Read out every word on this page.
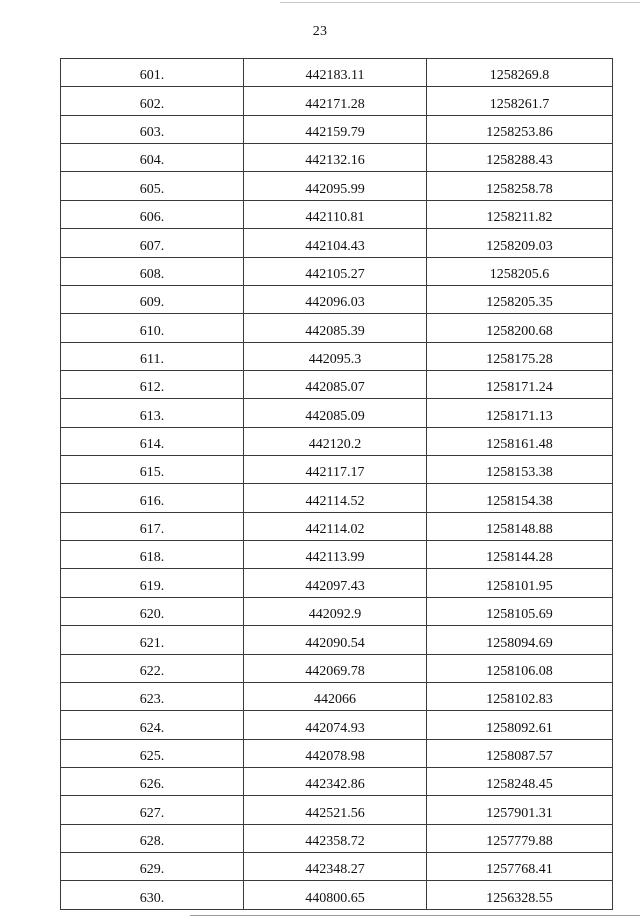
23
601.	442183.11	1258269.8
602.	442171.28	1258261.7
603.	442159.79	1258253.86
604.	442132.16	1258288.43
605.	442095.99	1258258.78
606.	442110.81	1258211.82
607.	442104.43	1258209.03
608.	442105.27	1258205.6
609.	442096.03	1258205.35
610.	442085.39	1258200.68
611.	442095.3	1258175.28
612.	442085.07	1258171.24
613.	442085.09	1258171.13
614.	442120.2	1258161.48
615.	442117.17	1258153.38
616.	442114.52	1258154.38
617.	442114.02	1258148.88
618.	442113.99	1258144.28
619.	442097.43	1258101.95
620.	442092.9	1258105.69
621.	442090.54	1258094.69
622.	442069.78	1258106.08
623.	442066	1258102.83
624.	442074.93	1258092.61
625.	442078.98	1258087.57
626.	442342.86	1258248.45
627.	442521.56	1257901.31
628.	442358.72	1257779.88
629.	442348.27	1257768.41
630.	440800.65	1256328.55
